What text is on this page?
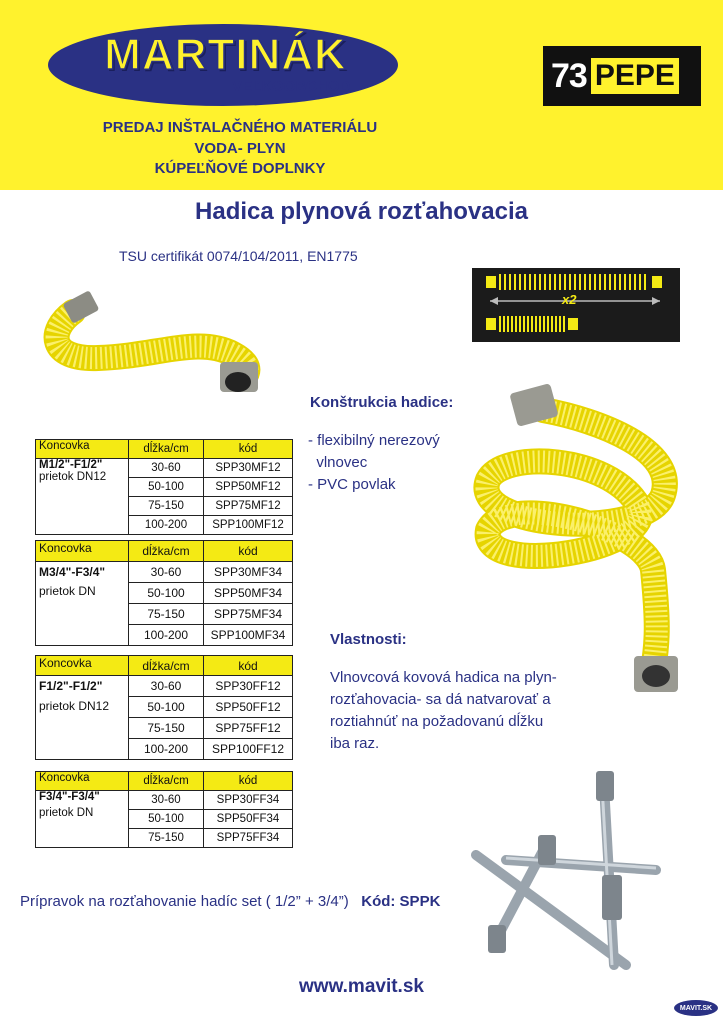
MARTINÁK
VEĽKOOBCHOD	73 PEPE
PREDAJ INŠTALAČNÉHO MATERIÁLU
VODA- PLYN
KÚPEĽŇOVÉ DOPLNKY
Hadica plynová rozťahovacia
TSU certifikát 0074/104/2011, EN1775
x2
Konštrukcia hadice:
- flexibilný nerezový
vlnovec
- PVC povlak
Vlastnosti:
Vlnovcová kovová hadica na plyn-
rozťahovacia- sa dá natvarovať a
roztiahnúť na požadovanú dĺžku
iba raz.
Koncovka	dĺžka/cm	kód

M1/2"-F1/2"
prietok DN12	30-60	SPP30MF12
	50-100	SPP50MF12
	75-150	SPP75MF12
	100-200	SPP100MF12
Koncovka	dĺžka/cm	kód

M3/4"-F3/4"
prietok DN	30-60	SPP30MF34
	50-100	SPP50MF34
	75-150	SPP75MF34
	100-200	SPP100MF34
Koncovka	dĺžka/cm	kód

F1/2"-F1/2"
prietok DN12	30-60	SPP30FF12
	50-100	SPP50FF12
	75-150	SPP75FF12
	100-200	SPP100FF12
Koncovka	dĺžka/cm	kód

F3/4"-F3/4"
prietok DN	30-60	SPP30FF34
	50-100	SPP50FF34
	75-150	SPP75FF34
Prípravok na rozťahovanie hadíc set ( 1/2” + 3/4”) Kód: SPPK
www.mavit.sk
MAVIT.SK
